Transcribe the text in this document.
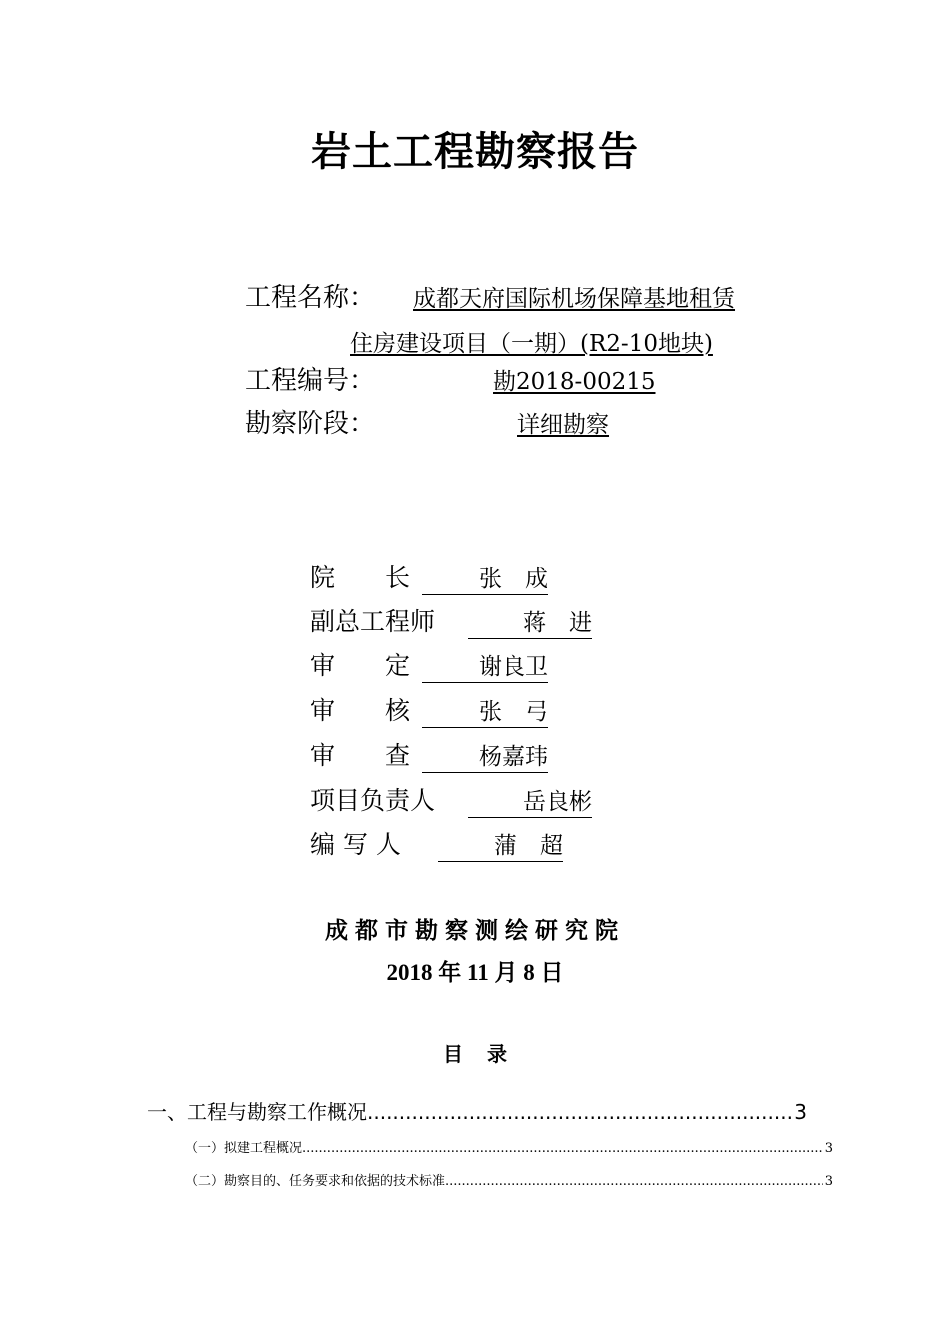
岩土工程勘察报告
工程名称： 成都天府国际机场保障基地租赁
住房建设项目（一期）(R2-10地块)
工程编号：	勘2018-00215
勘察阶段：	详细勘察
院　　长	张　成
副总工程师	蒋　进
审　　定	谢良卫
审　　核	张　弓
审　　查	杨嘉玮
项目负责人	岳良彬
编 写 人	蒲　超
成都市勘察测绘研究院
2018 年 11 月 8 日
目录
一、工程与勘察工作概况 .....	3
（一）拟建工程概况 .....	3
（二）勘察目的、任务要求和依据的技术标准 .....	3
